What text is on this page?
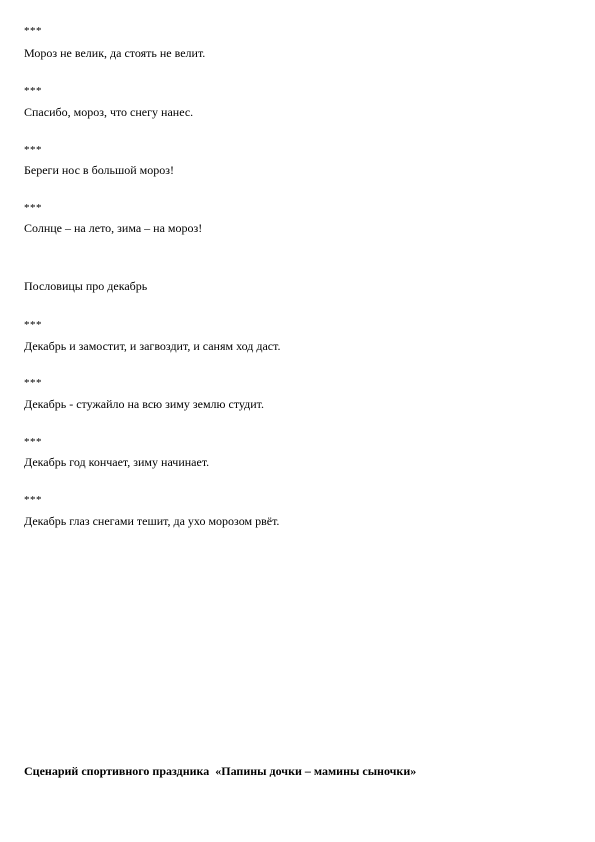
***
Мороз не велик, да стоять не велит.
***
Спасибо, мороз, что снегу нанес.
***
Береги нос в большой мороз!
***
Солнце – на лето, зима – на мороз!
Пословицы про декабрь
***
Декабрь и замостит, и загвоздит, и саням ход даст.
***
Декабрь - стужайло на всю зиму землю студит.
***
Декабрь год кончает, зиму начинает.
***
Декабрь глаз снегами тешит, да ухо морозом рвёт.
Сценарий спортивного праздника  «Папины дочки – мамины сыночки»
